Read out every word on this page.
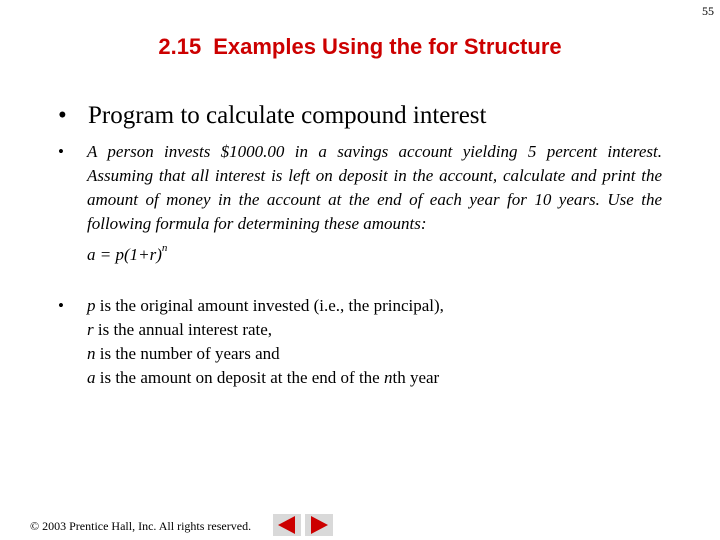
55
2.15 Examples Using the for Structure
• Program to calculate compound interest
• A person invests $1000.00 in a savings account yielding 5 percent interest. Assuming that all interest is left on deposit in the account, calculate and print the amount of money in the account at the end of each year for 10 years. Use the following formula for determining these amounts:
$a = p(1+r)^n$
• p is the original amount invested (i.e., the principal),
r is the annual interest rate,
n is the number of years and
a is the amount on deposit at the end of the nth year
© 2003 Prentice Hall, Inc. All rights reserved.
